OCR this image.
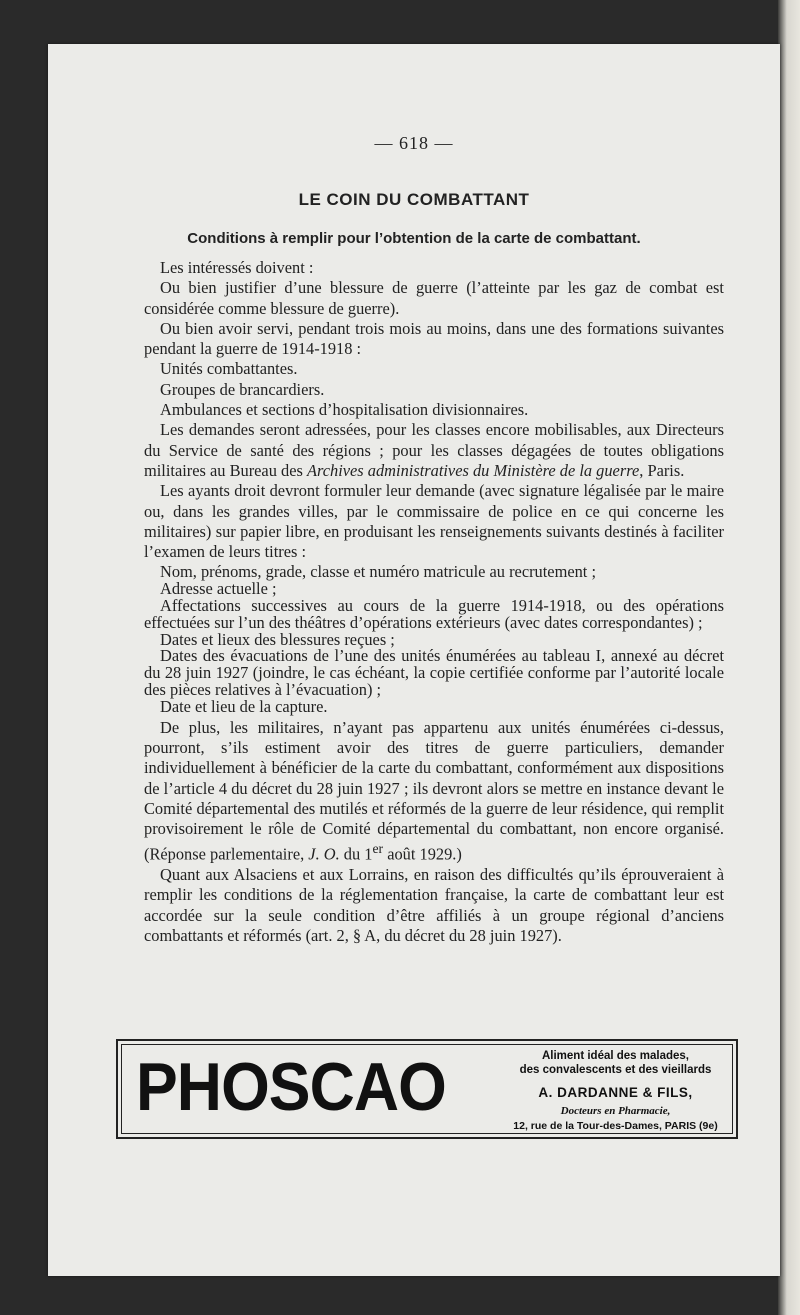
— 618 —
LE COIN DU COMBATTANT
Conditions à remplir pour l’obtention de la carte de combattant.

Les intéressés doivent :

Ou bien justifier d’une blessure de guerre (l’atteinte par les gaz de combat est considérée comme blessure de guerre).

Ou bien avoir servi, pendant trois mois au moins, dans une des formations suivantes pendant la guerre de 1914-1918 :

Unités combattantes.

Groupes de brancardiers.

Ambulances et sections d’hospitalisation divisionnaires.

Les demandes seront adressées, pour les classes encore mobilisables, aux Directeurs du Service de santé des régions ; pour les classes dégagées de toutes obligations militaires au Bureau des Archives administratives du Ministère de la guerre, Paris.

Les ayants droit devront formuler leur demande (avec signature légalisée par le maire ou, dans les grandes villes, par le commissaire de police en ce qui concerne les militaires) sur papier libre, en produisant les renseignements suivants destinés à faciliter l’examen de leurs titres :

Nom, prénoms, grade, classe et numéro matricule au recrutement ;

Adresse actuelle ;

Affectations successives au cours de la guerre 1914-1918, ou des opérations effectuées sur l’un des théâtres d’opérations extérieurs (avec dates correspondantes) ;

Dates et lieux des blessures reçues ;

Dates des évacuations de l’une des unités énumérées au tableau I, annexé au décret du 28 juin 1927 (joindre, le cas échéant, la copie certifiée conforme par l’autorité locale des pièces relatives à l’évacuation) ;

Date et lieu de la capture.

De plus, les militaires, n’ayant pas appartenu aux unités énumérées ci-dessus, pourront, s’ils estiment avoir des titres de guerre particuliers, demander individuellement à bénéficier de la carte du combattant, conformément aux dispositions de l’article 4 du décret du 28 juin 1927 ; ils devront alors se mettre en instance devant le Comité départemental des mutilés et réformés de la guerre de leur résidence, qui remplit provisoirement le rôle de Comité départemental du combattant, non encore organisé. (Réponse parlementaire, J. O. du 1er août 1929.)

Quant aux Alsaciens et aux Lorrains, en raison des difficultés qu’ils éprouveraient à remplir les conditions de la réglementation française, la carte de combattant leur est accordée sur la seule condition d’être affiliés à un groupe régional d’anciens combattants et réformés (art. 2, § A, du décret du 28 juin 1927).

PHOSCAO	Aliment idéal des malades,
des convalescents et des vieillards
A. DARDANNE & FILS,
Docteurs en Pharmacie,
12, rue de la Tour-des-Dames, PARIS (9e)
